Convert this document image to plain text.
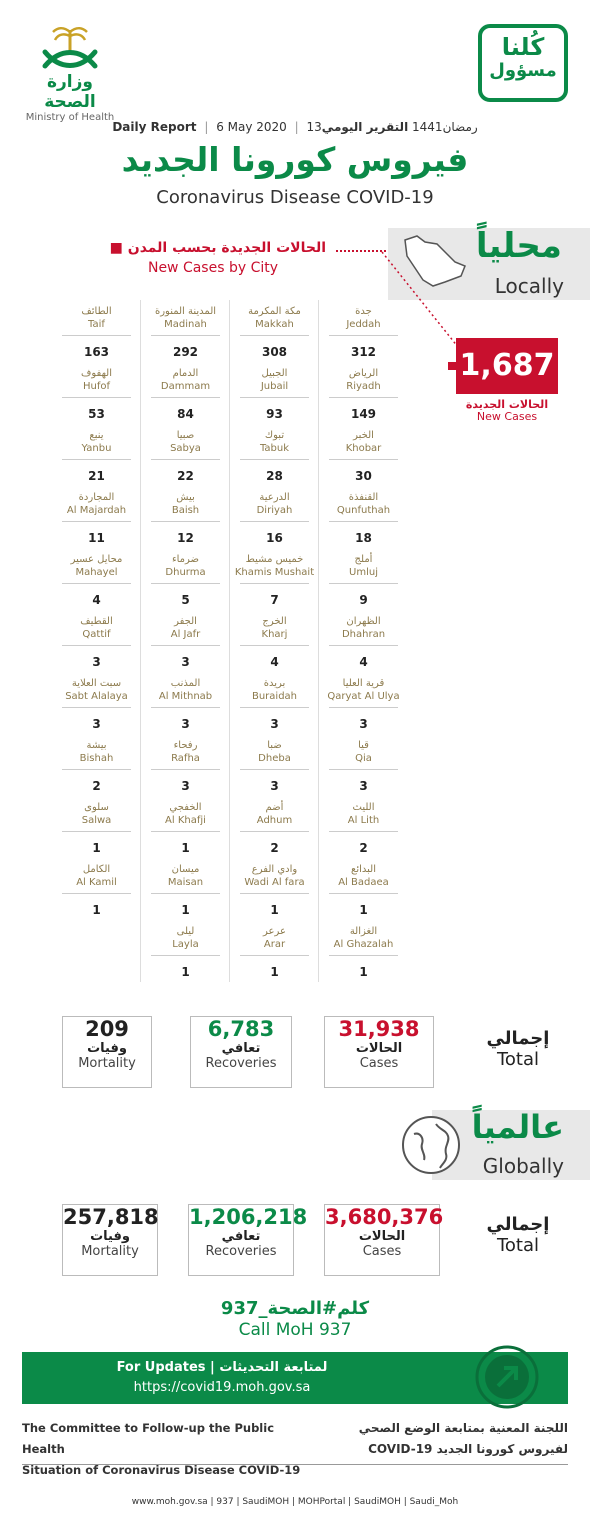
وزارة الصحة
Ministry of Health
كُلنا
مسؤول
Daily Report | 6 May 2020 | 13رمضان1441 التقرير اليومي
فيروس كورونا الجديد
Coronavirus Disease COVID-19
محلياً
Locally
الحالات الجديدة بحسب المدن ■
New Cases by City
1,687
الحالات الجديدة
New Cases
الطائف
Taif
163
المدينة المنورة
Madinah
292
مكة المكرمة
Makkah
308
جدة
Jeddah
312
الهفوف
Hufof
53
الدمام
Dammam
84
الجبيل
Jubail
93
الرياض
Riyadh
149
ينبع
Yanbu
21
صبيا
Sabya
22
تبوك
Tabuk
28
الخبر
Khobar
30
المجاردة
Al Majardah
11
بيش
Baish
12
الدرعية
Diriyah
16
القنفذة
Qunfuthah
18
محايل عسير
Mahayel
4
ضرماء
Dhurma
5
خميس مشيط
Khamis Mushait
7
أملج
Umluj
9
القطيف
Qattif
3
الجفر
Al Jafr
3
الخرج
Kharj
4
الظهران
Dhahran
4
سبت العلاية
Sabt Alalaya
3
المذنب
Al Mithnab
3
بريدة
Buraidah
3
قرية العليا
Qaryat Al Ulya
3
بيشة
Bishah
2
رفحاء
Rafha
3
ضبا
Dheba
3
قيا
Qia
3
سلوى
Salwa
1
الخفجي
Al Khafji
1
أضم
Adhum
2
الليث
Al Lith
2
الكامل
Al Kamil
1
ميسان
Maisan
1
وادي الفرع
Wadi Al fara
1
البدائع
Al Badaea
1
ليلى
Layla
1
عرعر
Arar
1
الغزالة
Al Ghazalah
1
209
وفيات
Mortality
6,783
تعافي
Recoveries
31,938
الحالات
Cases
إجمالي
Total
عالمياً
Globally
257,818
وفيات
Mortality
1,206,218
تعافي
Recoveries
3,680,376
الحالات
Cases
إجمالي
Total
كلم#الصحة_937
Call MoH 937
For Updates | لمتابعة التحديثات
https://covid19.moh.gov.sa
The Committee to Follow-up the Public Health
Situation of Coronavirus Disease COVID-19
اللجنة المعنية بمتابعة الوضع الصحي
لفيروس كورونا الجديد COVID-19
www.moh.gov.sa | 937 | SaudiMOH | MOHPortal | SaudiMOH | Saudi_Moh
